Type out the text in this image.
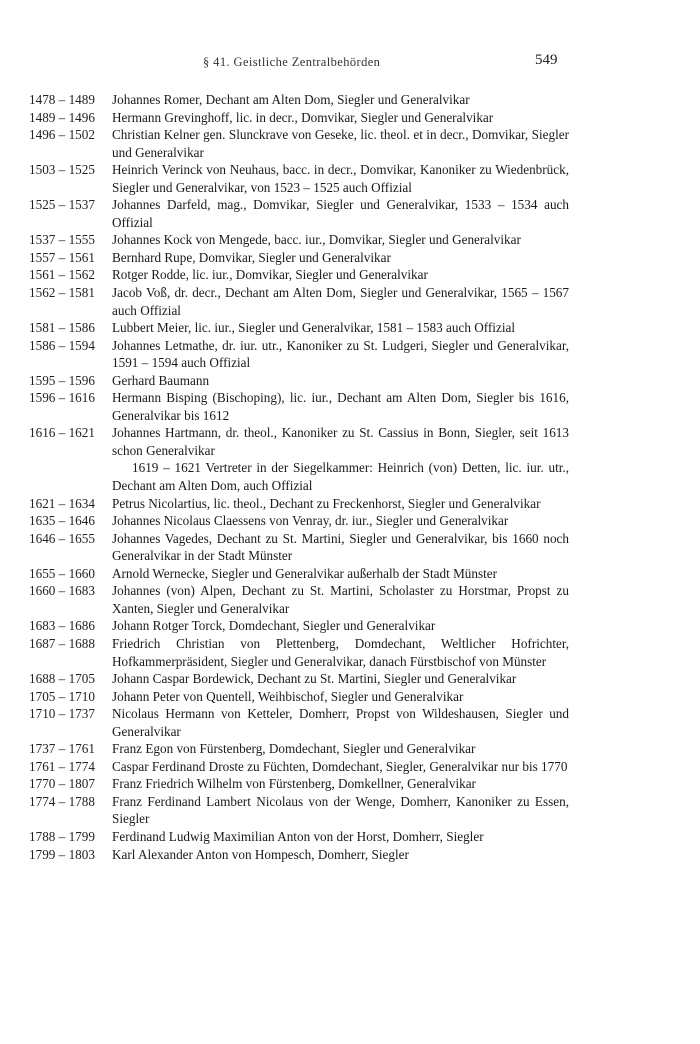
§ 41. Geistliche Zentralbehörden	549
1478 – 1489	Johannes Romer, Dechant am Alten Dom, Siegler und Generalvikar
1489 – 1496	Hermann Grevinghoff, lic. in decr., Domvikar, Siegler und Generalvikar
1496 – 1502	Christian Kelner gen. Slunckrave von Geseke, lic. theol. et in decr., Domvikar, Siegler und Generalvikar
1503 – 1525	Heinrich Verinck von Neuhaus, bacc. in decr., Domvikar, Kanoniker zu Wiedenbrück, Siegler und Generalvikar, von 1523 – 1525 auch Offizial
1525 – 1537	Johannes Darfeld, mag., Domvikar, Siegler und Generalvikar, 1533 – 1534 auch Offizial
1537 – 1555	Johannes Kock von Mengede, bacc. iur., Domvikar, Siegler und Generalvikar
1557 – 1561	Bernhard Rupe, Domvikar, Siegler und Generalvikar
1561 – 1562	Rotger Rodde, lic. iur., Domvikar, Siegler und Generalvikar
1562 – 1581	Jacob Voß, dr. decr., Dechant am Alten Dom, Siegler und Generalvikar, 1565 – 1567 auch Offizial
1581 – 1586	Lubbert Meier, lic. iur., Siegler und Generalvikar, 1581 – 1583 auch Offizial
1586 – 1594	Johannes Letmathe, dr. iur. utr., Kanoniker zu St. Ludgeri, Siegler und Generalvikar, 1591 – 1594 auch Offizial
1595 – 1596	Gerhard Baumann
1596 – 1616	Hermann Bisping (Bischoping), lic. iur., Dechant am Alten Dom, Siegler bis 1616, Generalvikar bis 1612
1616 – 1621	Johannes Hartmann, dr. theol., Kanoniker zu St. Cassius in Bonn, Siegler, seit 1613 schon Generalvikar
1619 – 1621 Vertreter in der Siegelkammer: Heinrich (von) Detten, lic. iur. utr., Dechant am Alten Dom, auch Offizial
1621 – 1634	Petrus Nicolartius, lic. theol., Dechant zu Freckenhorst, Siegler und Generalvikar
1635 – 1646	Johannes Nicolaus Claessens von Venray, dr. iur., Siegler und Generalvikar
1646 – 1655	Johannes Vagedes, Dechant zu St. Martini, Siegler und Generalvikar, bis 1660 noch Generalvikar in der Stadt Münster
1655 – 1660	Arnold Wernecke, Siegler und Generalvikar außerhalb der Stadt Münster
1660 – 1683	Johannes (von) Alpen, Dechant zu St. Martini, Scholaster zu Horstmar, Propst zu Xanten, Siegler und Generalvikar
1683 – 1686	Johann Rotger Torck, Domdechant, Siegler und Generalvikar
1687 – 1688	Friedrich Christian von Plettenberg, Domdechant, Weltlicher Hofrichter, Hofkammerpräsident, Siegler und Generalvikar, danach Fürstbischof von Münster
1688 – 1705	Johann Caspar Bordewick, Dechant zu St. Martini, Siegler und Generalvikar
1705 – 1710	Johann Peter von Quentell, Weihbischof, Siegler und Generalvikar
1710 – 1737	Nicolaus Hermann von Ketteler, Domherr, Propst von Wildeshausen, Siegler und Generalvikar
1737 – 1761	Franz Egon von Fürstenberg, Domdechant, Siegler und Generalvikar
1761 – 1774	Caspar Ferdinand Droste zu Füchten, Domdechant, Siegler, Generalvikar nur bis 1770
1770 – 1807	Franz Friedrich Wilhelm von Fürstenberg, Domkellner, Generalvikar
1774 – 1788	Franz Ferdinand Lambert Nicolaus von der Wenge, Domherr, Kanoniker zu Essen, Siegler
1788 – 1799	Ferdinand Ludwig Maximilian Anton von der Horst, Domherr, Siegler
1799 – 1803	Karl Alexander Anton von Hompesch, Domherr, Siegler
